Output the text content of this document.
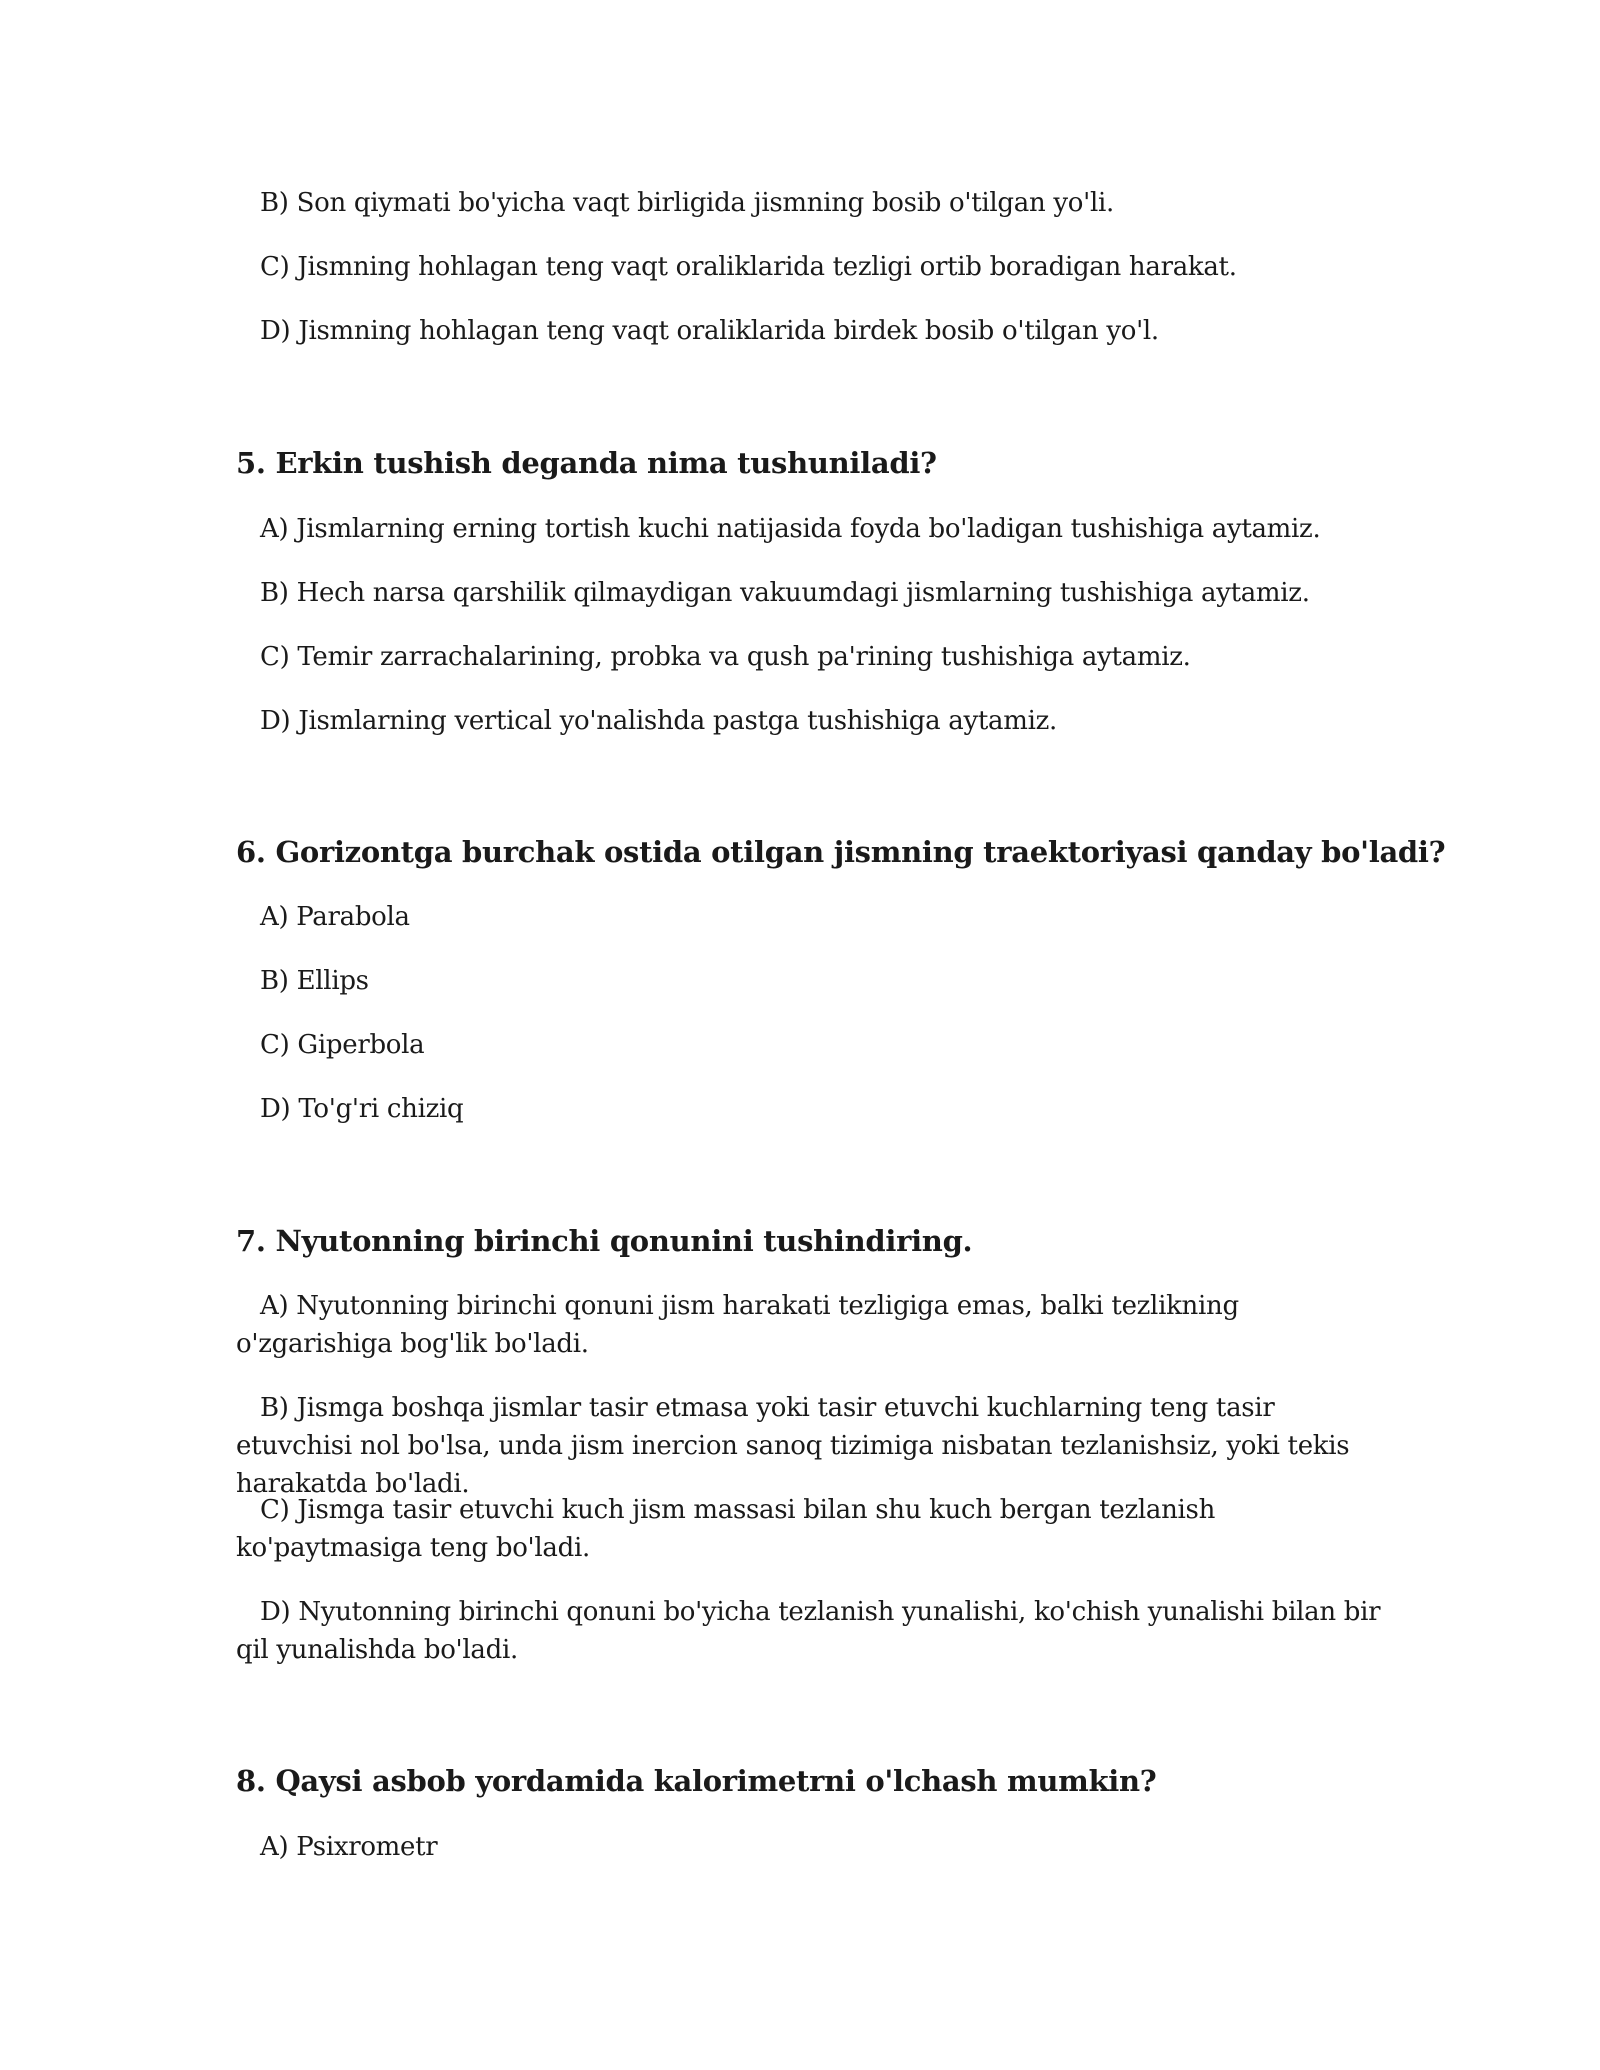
B) Son qiymati bo'yicha vaqt birligida jismning bosib o'tilgan yo'li.
C) Jismning hohlagan teng vaqt oraliklarida tezligi ortib boradigan harakat.
D) Jismning hohlagan teng vaqt oraliklarida birdek bosib o'tilgan yo'l.
5. Erkin tushish deganda nima tushuniladi?
A) Jismlarning erning tortish kuchi natijasida foyda bo'ladigan tushishiga aytamiz.
B) Hech narsa qarshilik qilmaydigan vakuumdagi jismlarning tushishiga aytamiz.
C) Temir zarrachalarining, probka va qush pa'rining tushishiga aytamiz.
D) Jismlarning vertical yo'nalishda pastga tushishiga aytamiz.
6. Gorizontga burchak ostida otilgan jismning traektoriyasi qanday bo'ladi?
A) Parabola
B) Ellips
C) Giperbola
D) To'g'ri chiziq
7. Nyutonning birinchi qonunini tushindiring.
A) Nyutonning birinchi qonuni jism harakati tezligiga emas, balki tezlikning o'zgarishiga bog'lik bo'ladi.
B) Jismga boshqa jismlar tasir etmasa yoki tasir etuvchi kuchlarning teng tasir etuvchisi nol bo'lsa, unda jism inercion sanoq tizimiga nisbatan tezlanishsiz, yoki tekis harakatda bo'ladi.
C) Jismga tasir etuvchi kuch jism massasi bilan shu kuch bergan tezlanish ko'paytmasiga teng bo'ladi.
D) Nyutonning birinchi qonuni bo'yicha tezlanish yunalishi, ko'chish yunalishi bilan bir qil yunalishda bo'ladi.
8. Qaysi asbob yordamida kalorimetrni o'lchash mumkin?
A) Psixrometr
